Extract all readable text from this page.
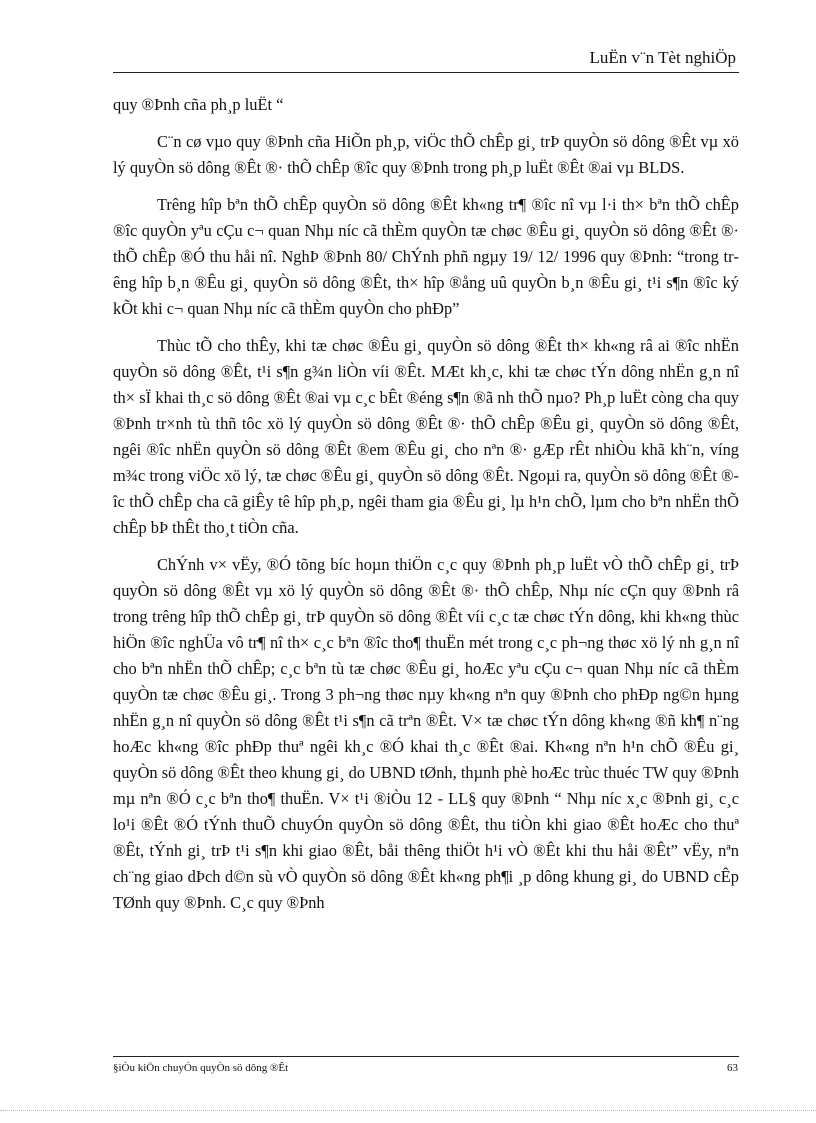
LuËn v¨n Tèt nghiÖp

quy ®Þnh cña ph¸p luËt “

C¨n cø vµo quy ®Þnh cña HiÕn ph¸p, viÖc thÕ chÊp gi¸ trÞ quyÒn sö dông ®Êt vµ xö lý quyÒn sö dông ®Êt ®· thÕ chÊp ®îc quy ®Þnh trong ph¸p luËt ®Êt ®ai vµ BLDS.

Trêng hîp bªn thÕ chÊp quyÒn sö dông ®Êt kh«ng tr¶ ®îc nî vµ l·i th× bªn thÕ chÊp ®îc quyÒn yªu cÇu c¬ quan Nhµ níc cã thÈm quyÒn tæ chøc ®Êu gi¸ quyÒn sö dông ®Êt ®· thÕ chÊp ®Ó thu håi nî. NghÞ ®Þnh 80/ ChÝnh phñ ngµy 19/ 12/ 1996 quy ®Þnh: “trong trêng hîp b¸n ®Êu gi¸ quyÒn sö dông ®Êt, th× hîp ®ång uû quyÒn b¸n ®Êu gi¸ t¹i s¶n ®îc ký kÕt khi c¬ quan Nhµ níc cã thÈm quyÒn cho phÐp”

Thùc tÕ cho thÊy, khi tæ chøc ®Êu gi¸ quyÒn sö dông ®Êt th× kh«ng râ ai ®îc nhËn quyÒn sö dông ®Êt, t¹i s¶n g¾n liÒn víi ®Êt. MÆt kh¸c, khi tæ chøc tÝn dông nhËn g¸n nî th× sÏ khai th¸c sö dông ®Êt ®ai vµ c¸c bÊt ®éng s¶n ®ã nh thÕ nµo? Ph¸p luËt còng cha quy ®Þnh tr×nh tù thñ tôc xö lý quyÒn sö dông ®Êt ®· thÕ chÊp ®Êu gi¸ quyÒn sö dông ®Êt, ngêi ®îc nhËn quyÒn sö dông ®Êt ®em ®Êu gi¸ cho nªn ®· gÆp rÊt nhiÒu khã kh¨n, víng m¾c trong viÖc xö lý, tæ chøc ®Êu gi¸ quyÒn sö dông ®Êt. Ngoµi ra, quyÒn sö dông ®Êt ®îc thÕ chÊp cha cã giÊy tê hîp ph¸p, ngêi tham gia ®Êu gi¸ lµ h¹n chÕ, lµm cho bªn nhËn thÕ chÊp bÞ thÊt tho¸t tiÒn cña.

ChÝnh v× vËy, ®Ó tõng bíc hoµn thiÖn c¸c quy ®Þnh ph¸p luËt vÒ thÕ chÊp gi¸ trÞ quyÒn sö dông ®Êt vµ xö lý quyÒn sö dông ®Êt ®· thÕ chÊp, Nhµ níc cÇn quy ®Þnh râ trong trêng hîp thÕ chÊp gi¸ trÞ quyÒn sö dông ®Êt víi c¸c tæ chøc tÝn dông, khi kh«ng thùc hiÖn ®îc nghÜa vô tr¶ nî th× c¸c bªn ®îc tho¶ thuËn mét trong c¸c ph¬ng thøc xö lý nh g¸n nî cho bªn nhËn thÕ chÊp; c¸c bªn tù tæ chøc ®Êu gi¸ hoÆc yªu cÇu c¬ quan Nhµ níc cã thÈm quyÒn tæ chøc ®Êu gi¸. Trong 3 ph¬ng thøc nµy kh«ng nªn quy ®Þnh cho phÐp ng©n hµng nhËn g¸n nî quyÒn sö dông ®Êt t¹i s¶n cã trªn ®Êt. V× tæ chøc tÝn dông kh«ng ®ñ kh¶ n¨ng hoÆc kh«ng ®îc phÐp thuª ngêi kh¸c ®Ó khai th¸c ®Êt ®ai. Kh«ng nªn h¹n chÕ ®Êu gi¸ quyÒn sö dông ®Êt theo khung gi¸ do UBND tØnh, thµnh phè hoÆc trùc thuéc TW quy ®Þnh mµ nªn ®Ó c¸c bªn tho¶ thuËn. V× t¹i ®iÒu 12 - LL§ quy ®Þnh “ Nhµ níc x¸c ®Þnh gi¸ c¸c lo¹i ®Êt ®Ó tÝnh thuÕ chuyÓn quyÒn sö dông ®Êt, thu tiÒn khi giao ®Êt hoÆc cho thuª ®Êt, tÝnh gi¸ trÞ t¹i s¶n khi giao ®Êt, båi thêng thiÖt h¹i vÒ ®Êt khi thu håi ®Êt” vËy, nªn ch¨ng giao dÞch d©n sù vÒ quyÒn sö dông ®Êt kh«ng ph¶i ¸p dông khung gi¸ do UBND cÊp TØnh quy ®Þnh. C¸c quy ®Þnh

§iÒu kiÖn chuyÓn quyÒn sö dông ®Êt	63
